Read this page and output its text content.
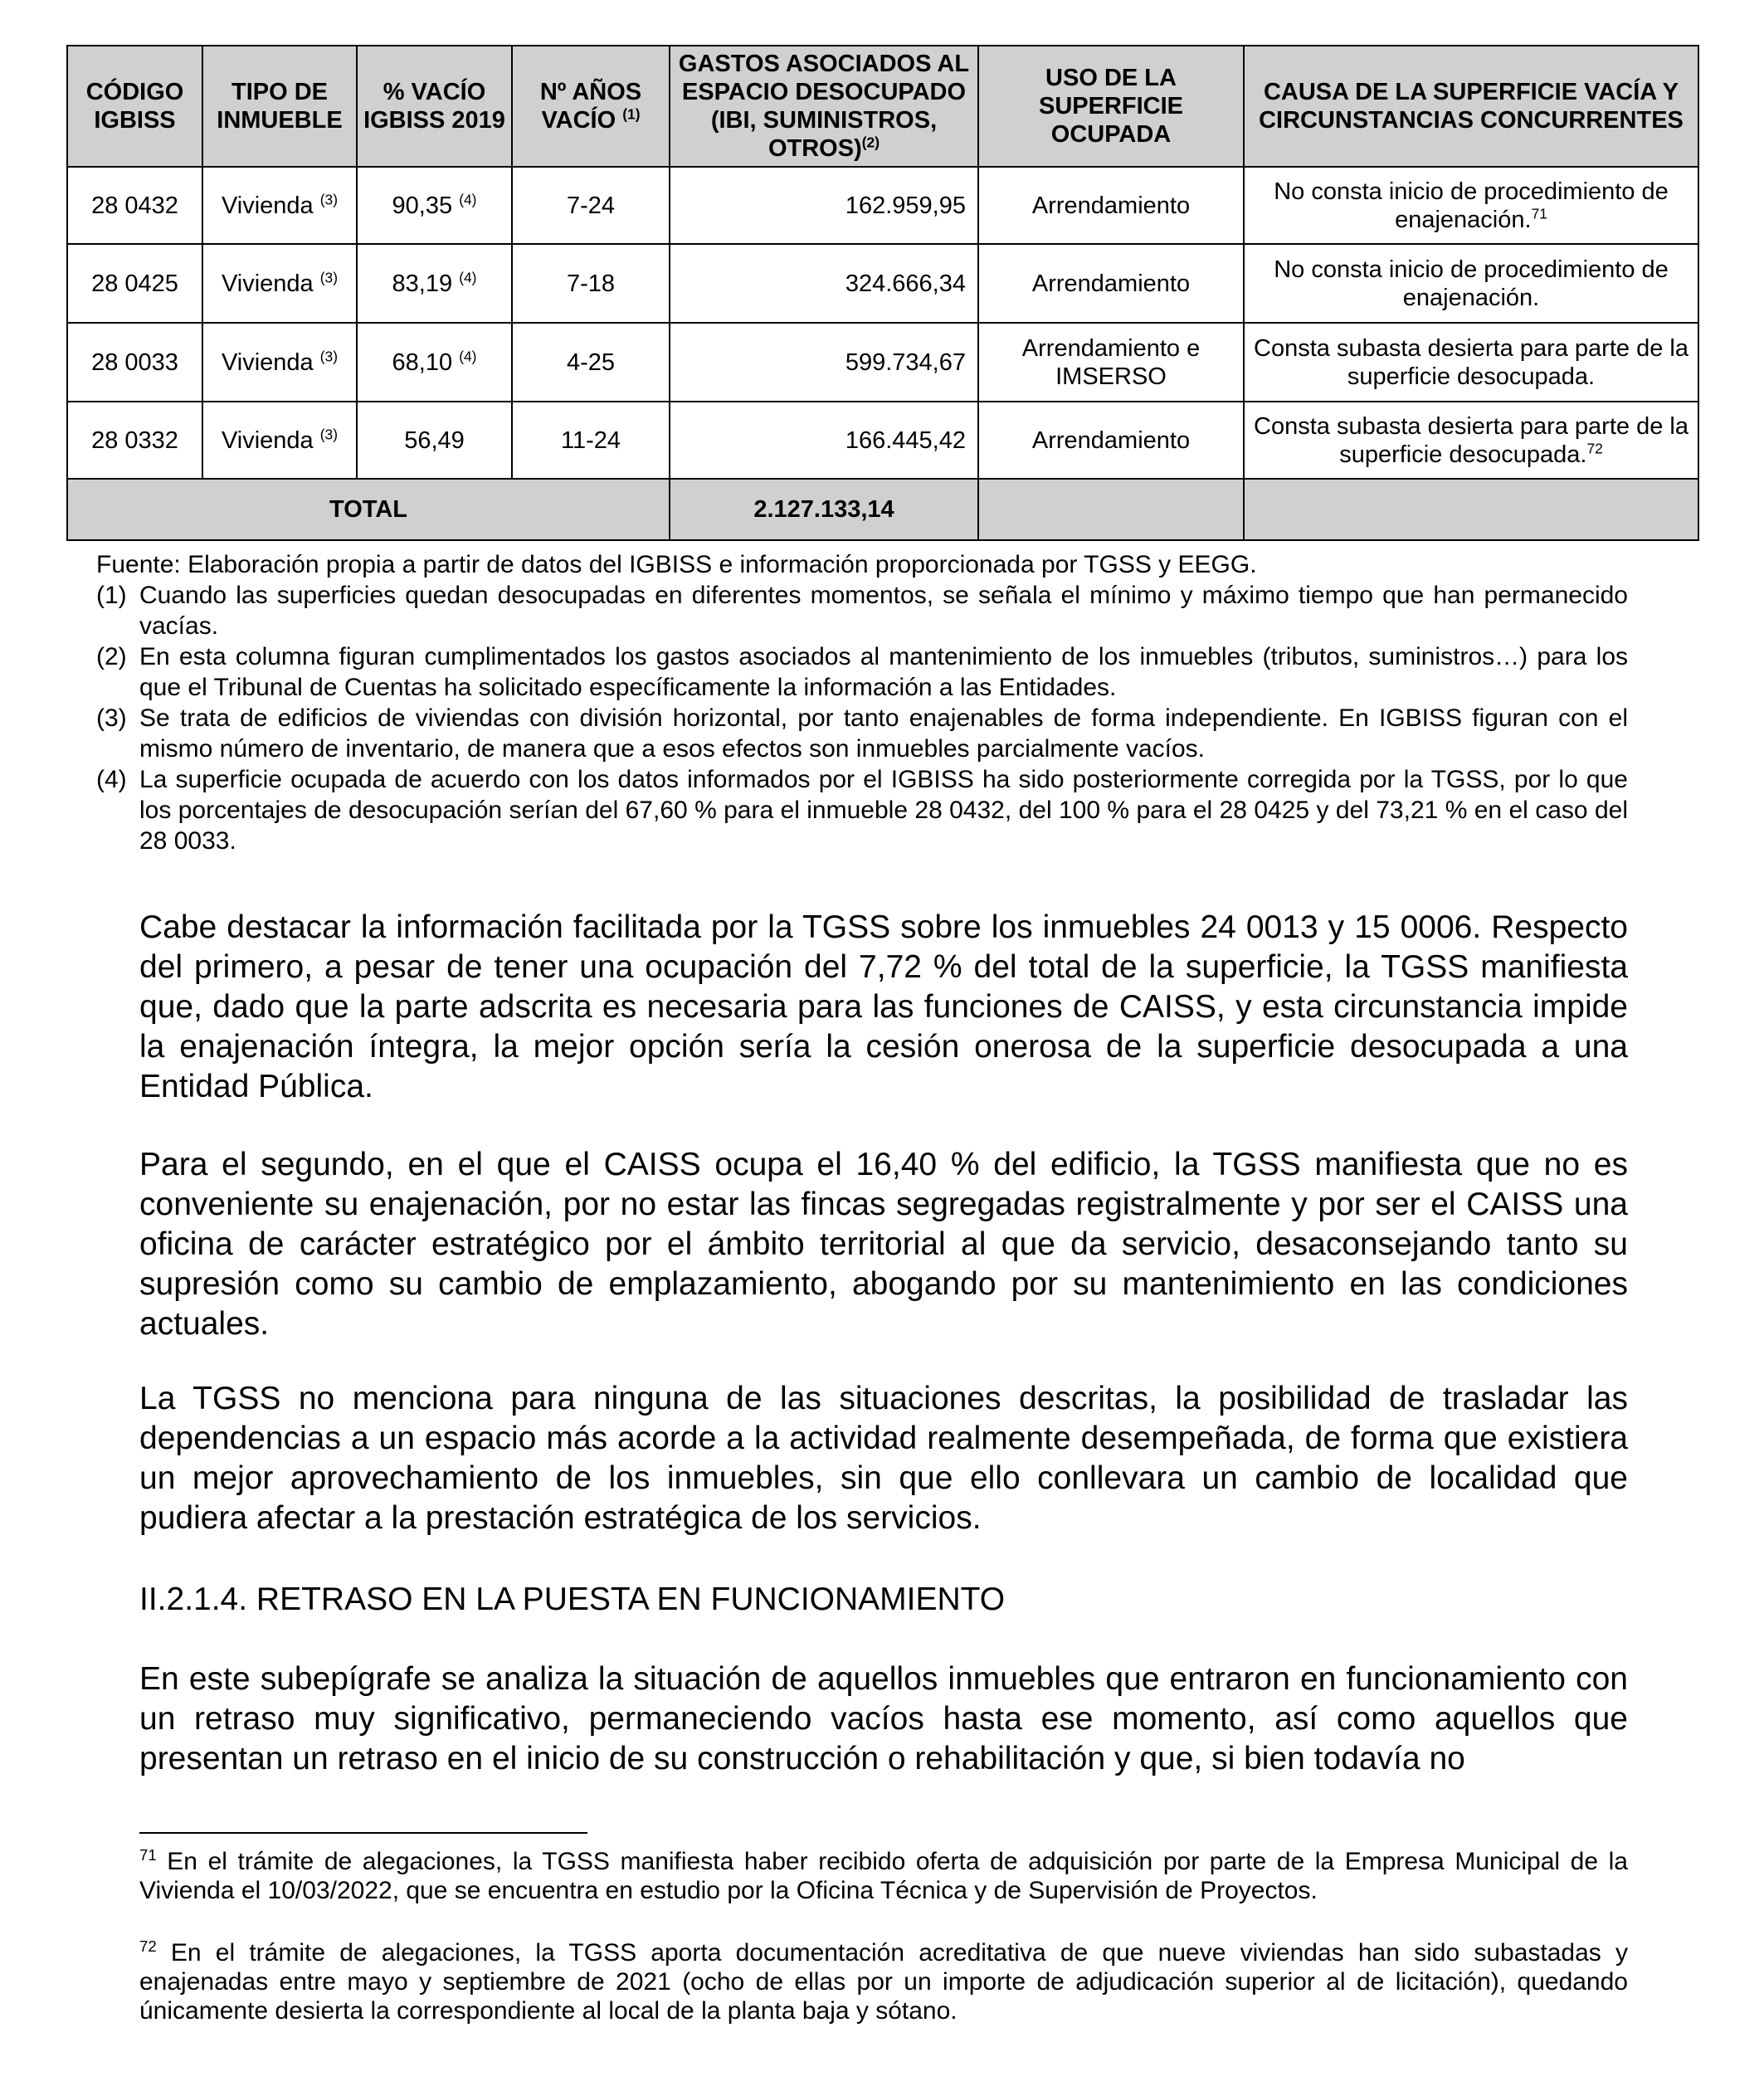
CÓDIGO IGBISS	TIPO DE INMUEBLE	% VACÍO IGBISS 2019	Nº AÑOS VACÍO $^{(1)}$	GASTOS ASOCIADOS AL ESPACIO DESOCUPADO (IBI, SUMINISTROS, OTROS)$^{(2)}$	USO DE LA SUPERFICIE OCUPADA	CAUSA DE LA SUPERFICIE VACÍA Y CIRCUNSTANCIAS CONCURRENTES
28 0432	Vivienda $^{(3)}$	90,35 $^{(4)}$	7-24	162.959,95	Arrendamiento	No consta inicio de procedimiento de enajenación.$^{71}$
28 0425	Vivienda $^{(3)}$	83,19 $^{(4)}$	7-18	324.666,34	Arrendamiento	No consta inicio de procedimiento de enajenación.
28 0033	Vivienda $^{(3)}$	68,10 $^{(4)}$	4-25	599.734,67	Arrendamiento e IMSERSO	Consta subasta desierta para parte de la superficie desocupada.
28 0332	Vivienda $^{(3)}$	56,49	11-24	166.445,42	Arrendamiento	Consta subasta desierta para parte de la superficie desocupada.$^{72}$
TOTAL				2.127.133,14		

Fuente: Elaboración propia a partir de datos del IGBISS e información proporcionada por TGSS y EEGG.

(1) Cuando las superficies quedan desocupadas en diferentes momentos, se señala el mínimo y máximo tiempo que han permanecido vacías.
(2) En esta columna figuran cumplimentados los gastos asociados al mantenimiento de los inmuebles (tributos, suministros…) para los que el Tribunal de Cuentas ha solicitado específicamente la información a las Entidades.
(3) Se trata de edificios de viviendas con división horizontal, por tanto enajenables de forma independiente. En IGBISS figuran con el mismo número de inventario, de manera que a esos efectos son inmuebles parcialmente vacíos.
(4) La superficie ocupada de acuerdo con los datos informados por el IGBISS ha sido posteriormente corregida por la TGSS, por lo que los porcentajes de desocupación serían del 67,60 % para el inmueble 28 0432, del 100 % para el 28 0425 y del 73,21 % en el caso del 28 0033.

Cabe destacar la información facilitada por la TGSS sobre los inmuebles 24 0013 y 15 0006. Respecto del primero, a pesar de tener una ocupación del 7,72 % del total de la superficie, la TGSS manifiesta que, dado que la parte adscrita es necesaria para las funciones de CAISS, y esta circunstancia impide la enajenación íntegra, la mejor opción sería la cesión onerosa de la superficie desocupada a una Entidad Pública.

Para el segundo, en el que el CAISS ocupa el 16,40 % del edificio, la TGSS manifiesta que no es conveniente su enajenación, por no estar las fincas segregadas registralmente y por ser el CAISS una oficina de carácter estratégico por el ámbito territorial al que da servicio, desaconsejando tanto su supresión como su cambio de emplazamiento, abogando por su mantenimiento en las condiciones actuales.

La TGSS no menciona para ninguna de las situaciones descritas, la posibilidad de trasladar las dependencias a un espacio más acorde a la actividad realmente desempeñada, de forma que existiera un mejor aprovechamiento de los inmuebles, sin que ello conllevara un cambio de localidad que pudiera afectar a la prestación estratégica de los servicios.

II.2.1.4. RETRASO EN LA PUESTA EN FUNCIONAMIENTO

En este subepígrafe se analiza la situación de aquellos inmuebles que entraron en funcionamiento con un retraso muy significativo, permaneciendo vacíos hasta ese momento, así como aquellos que presentan un retraso en el inicio de su construcción o rehabilitación y que, si bien todavía no

$^{71}$ En el trámite de alegaciones, la TGSS manifiesta haber recibido oferta de adquisición por parte de la Empresa Municipal de la Vivienda el 10/03/2022, que se encuentra en estudio por la Oficina Técnica y de Supervisión de Proyectos.

$^{72}$ En el trámite de alegaciones, la TGSS aporta documentación acreditativa de que nueve viviendas han sido subastadas y enajenadas entre mayo y septiembre de 2021 (ocho de ellas por un importe de adjudicación superior al de licitación), quedando únicamente desierta la correspondiente al local de la planta baja y sótano.
